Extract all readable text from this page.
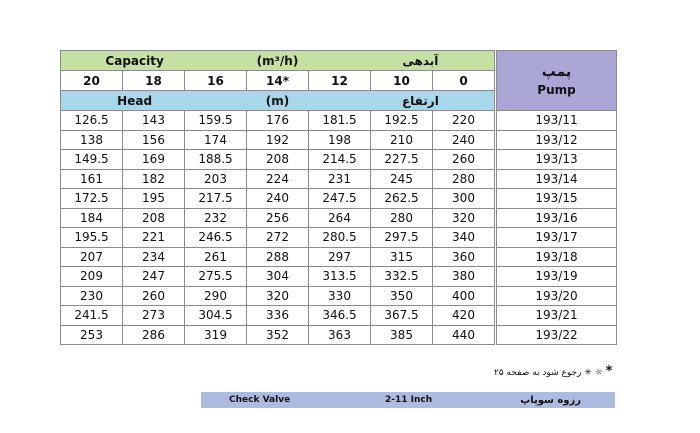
Capacity (m³/h) آبدهی								پمپ
Pump

20	18	16	14*	12	10	0		
Head (m) ارتفاع								
126.5	143	159.5	176	181.5	192.5	220		193/11
138	156	174	192	198	210	240		193/12
149.5	169	188.5	208	214.5	227.5	260		193/13
161	182	203	224	231	245	280		193/14
172.5	195	217.5	240	247.5	262.5	300		193/15
184	208	232	256	264	280	320		193/16
195.5	221	246.5	272	280.5	297.5	340		193/17
207	234	261	288	297	315	360		193/18
209	247	275.5	304	313.5	332.5	380		193/19
230	260	290	320	330	350	400		193/20
241.5	273	304.5	336	346.5	367.5	420		193/21
253	286	319	352	363	385	440		193/22
* ☼ ✳ رجوع شود به صفحه ۲۵
Check Valve	2-11 Inch	رزوه سوپاپ
